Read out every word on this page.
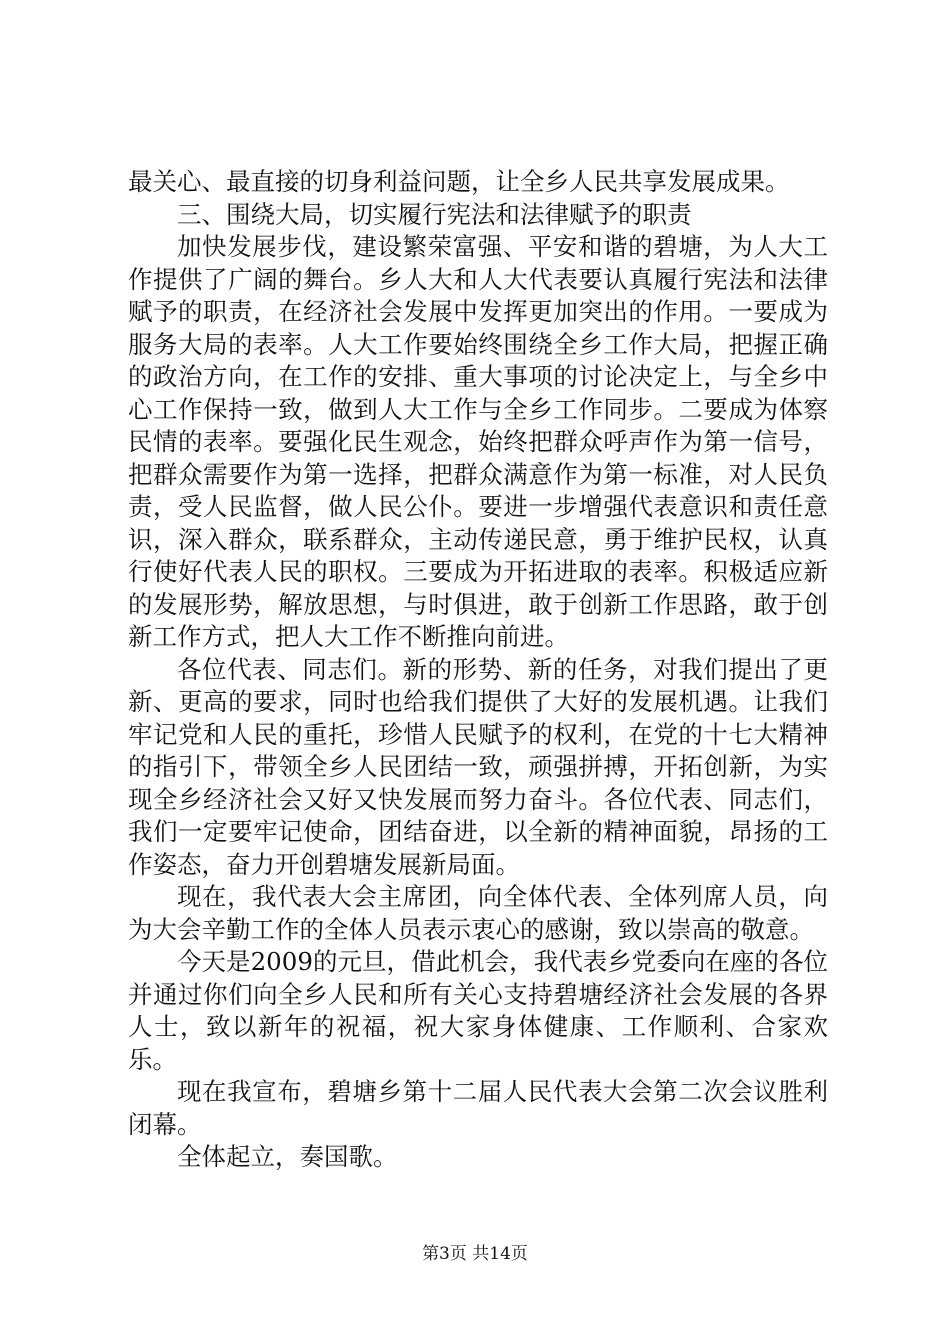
最关心、最直接的切身利益问题，让全乡人民共享发展成果。

三、围绕大局，切实履行宪法和法律赋予的职责

加快发展步伐，建设繁荣富强、平安和谐的碧塘，为人大工作提供了广阔的舞台。乡人大和人大代表要认真履行宪法和法律赋予的职责，在经济社会发展中发挥更加突出的作用。一要成为服务大局的表率。人大工作要始终围绕全乡工作大局，把握正确的政治方向，在工作的安排、重大事项的讨论决定上，与全乡中心工作保持一致，做到人大工作与全乡工作同步。二要成为体察民情的表率。要强化民生观念，始终把群众呼声作为第一信号，把群众需要作为第一选择，把群众满意作为第一标准，对人民负责，受人民监督，做人民公仆。要进一步增强代表意识和责任意识，深入群众，联系群众，主动传递民意，勇于维护民权，认真行使好代表人民的职权。三要成为开拓进取的表率。积极适应新的发展形势，解放思想，与时俱进，敢于创新工作思路，敢于创新工作方式，把人大工作不断推向前进。

各位代表、同志们。新的形势、新的任务，对我们提出了更新、更高的要求，同时也给我们提供了大好的发展机遇。让我们牢记党和人民的重托，珍惜人民赋予的权利，在党的十七大精神的指引下，带领全乡人民团结一致，顽强拼搏，开拓创新，为实现全乡经济社会又好又快发展而努力奋斗。各位代表、同志们，我们一定要牢记使命，团结奋进，以全新的精神面貌，昂扬的工作姿态，奋力开创碧塘发展新局面。

现在，我代表大会主席团，向全体代表、全体列席人员，向为大会辛勤工作的全体人员表示衷心的感谢，致以崇高的敬意。

今天是2009的元旦，借此机会，我代表乡党委向在座的各位并通过你们向全乡人民和所有关心支持碧塘经济社会发展的各界人士，致以新年的祝福，祝大家身体健康、工作顺利、合家欢乐。

现在我宣布，碧塘乡第十二届人民代表大会第二次会议胜利闭幕。

全体起立，奏国歌。

第3页 共14页
